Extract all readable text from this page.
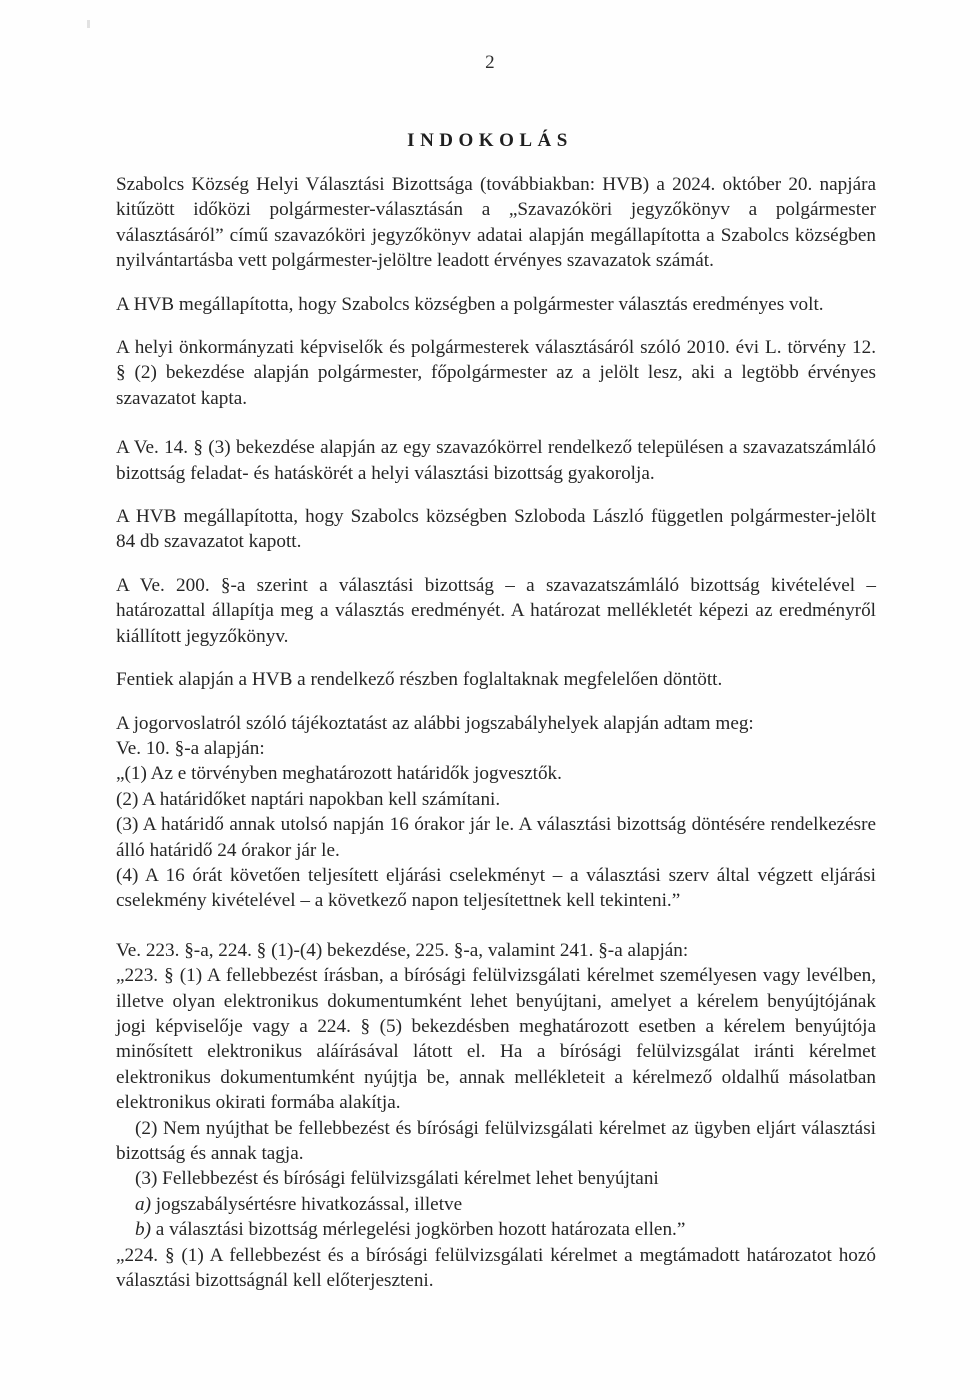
2
INDOKOLÁS

Szabolcs Község Helyi Választási Bizottsága (továbbiakban: HVB) a 2024. október 20. napjára kitűzött időközi polgármester-választásán a „Szavazóköri jegyzőkönyv a polgármester választásáról” című szavazóköri jegyzőkönyv adatai alapján megállapította a Szabolcs községben nyilvántartásba vett polgármester-jelöltre leadott érvényes szavazatok számát.

A HVB megállapította, hogy Szabolcs községben a polgármester választás eredményes volt.

A helyi önkormányzati képviselők és polgármesterek választásáról szóló 2010. évi L. törvény 12. § (2) bekezdése alapján polgármester, főpolgármester az a jelölt lesz, aki a legtöbb érvényes szavazatot kapta.

A Ve. 14. § (3) bekezdése alapján az egy szavazókörrel rendelkező településen a szavazatszámláló bizottság feladat- és hatáskörét a helyi választási bizottság gyakorolja.

A HVB megállapította, hogy Szabolcs községben Szloboda László független polgármester-jelölt 84 db szavazatot kapott.

A Ve. 200. §-a szerint a választási bizottság – a szavazatszámláló bizottság kivételével – határozattal állapítja meg a választás eredményét. A határozat mellékletét képezi az eredményről kiállított jegyzőkönyv.

Fentiek alapján a HVB a rendelkező részben foglaltaknak megfelelően döntött.

A jogorvoslatról szóló tájékoztatást az alábbi jogszabályhelyek alapján adtam meg:

Ve. 10. §-a alapján:

„(1) Az e törvényben meghatározott határidők jogvesztők.

(2) A határidőket naptári napokban kell számítani.

(3) A határidő annak utolsó napján 16 órakor jár le. A választási bizottság döntésére rendelkezésre álló határidő 24 órakor jár le.

(4) A 16 órát követően teljesített eljárási cselekményt – a választási szerv által végzett eljárási cselekmény kivételével – a következő napon teljesítettnek kell tekinteni.”

Ve. 223. §-a, 224. § (1)-(4) bekezdése, 225. §-a, valamint 241. §-a alapján:

„223. § (1) A fellebbezést írásban, a bírósági felülvizsgálati kérelmet személyesen vagy levélben, illetve olyan elektronikus dokumentumként lehet benyújtani, amelyet a kérelem benyújtójának jogi képviselője vagy a 224. § (5) bekezdésben meghatározott esetben a kérelem benyújtója minősített elektronikus aláírásával látott el. Ha a bírósági felülvizsgálat iránti kérelmet elektronikus dokumentumként nyújtja be, annak mellékleteit a kérelmező oldalhű másolatban elektronikus okirati formába alakítja.

(2) Nem nyújthat be fellebbezést és bírósági felülvizsgálati kérelmet az ügyben eljárt választási bizottság és annak tagja.

(3) Fellebbezést és bírósági felülvizsgálati kérelmet lehet benyújtani

a) jogszabálysértésre hivatkozással, illetve

b) a választási bizottság mérlegelési jogkörben hozott határozata ellen.”

„224. § (1) A fellebbezést és a bírósági felülvizsgálati kérelmet a megtámadott határozatot hozó választási bizottságnál kell előterjeszteni.
